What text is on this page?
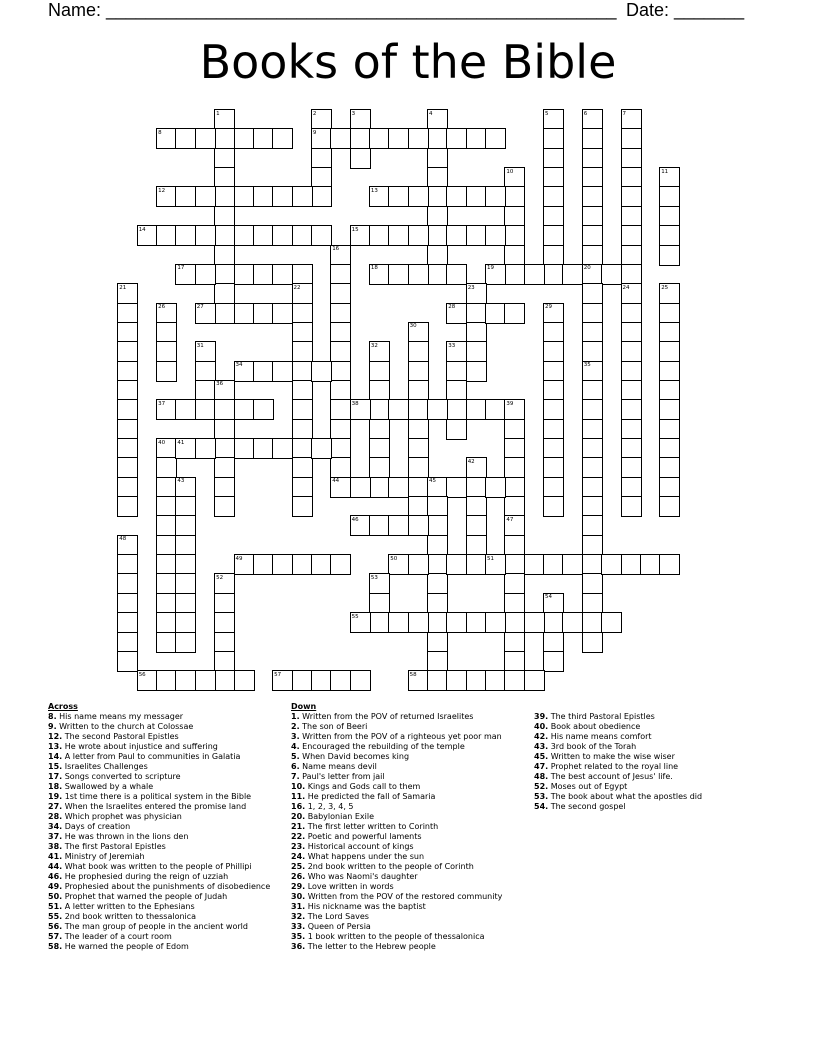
Name: ___________________________________________________ Date: _______
Books of the Bible
1	2	3	4	5	6	7
8	9
10	11
12	13
14	15
16
17	18	19	20
21	22	23	24	25
26	27	28	29
30
31	32	33
34	35
36
37	38	39
40 41
42
43	44	45
46	47
48
49	50	51
52	53
54
55
56	57	58
Across
8. His name means my messager
9. Written to the church at Colossae
12. The second Pastoral Epistles
13. He wrote about injustice and suffering
14. A letter from Paul to communities in Galatia
15. Israelites Challenges
17. Songs converted to scripture
18. Swallowed by a whale
19. 1st time there is a political system in the Bible
27. When the Israelites entered the promise land
28. Which prophet was physician
34. Days of creation
37. He was thrown in the lions den
38. The first Pastoral Epistles
41. Ministry of Jeremiah
44. What book was written to the people of Phillipi
46. He prophesied during the reign of uzziah
49. Prophesied about the punishments of disobedience
50. Prophet that warned the people of Judah
51. A letter written to the Ephesians
55. 2nd book written to thessalonica
56. The man group of people in the ancient world
57. The leader of a court room
58. He warned the people of Edom
Down
1. Written from the POV of returned Israelites
2. The son of Beeri
3. Written from the POV of a righteous yet poor man
4. Encouraged the rebuilding of the temple
5. When David becomes king
6. Name means devil
7. Paul's letter from jail
10. Kings and Gods call to them
11. He predicted the fall of Samaria
16. 1, 2, 3, 4, 5
20. Babylonian Exile
21. The first letter written to Corinth
22. Poetic and powerful laments
23. Historical account of kings
24. What happens under the sun
25. 2nd book written to the people of Corinth
26. Who was Naomi's daughter
29. Love written in words
30. Written from the POV of the restored community
31. His nickname was the baptist
32. The Lord Saves
33. Queen of Persia
35. 1 book written to the people of thessalonica
36. The letter to the Hebrew people
39. The third Pastoral Epistles
40. Book about obedience
42. His name means comfort
43. 3rd book of the Torah
45. Written to make the wise wiser
47. Prophet related to the royal line
48. The best account of Jesus' life.
52. Moses out of Egypt
53. The book about what the apostles did
54. The second gospel
